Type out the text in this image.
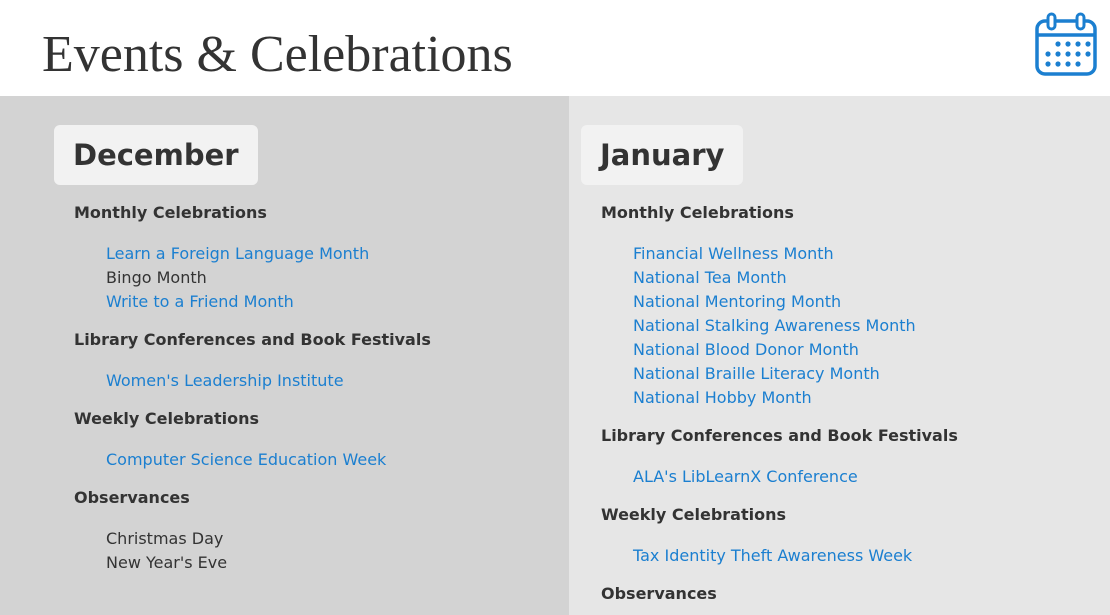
Events & Celebrations
December
Monthly Celebrations
Learn a Foreign Language Month
Bingo Month
Write to a Friend Month
Library Conferences and Book Festivals
Women's Leadership Institute
Weekly Celebrations
Computer Science Education Week
Observances
Christmas Day
New Year's Eve
January
Monthly Celebrations
Financial Wellness Month
National Tea Month
National Mentoring Month
National Stalking Awareness Month
National Blood Donor Month
National Braille Literacy Month
National Hobby Month
Library Conferences and Book Festivals
ALA's LibLearnX Conference
Weekly Celebrations
Tax Identity Theft Awareness Week
Observances
